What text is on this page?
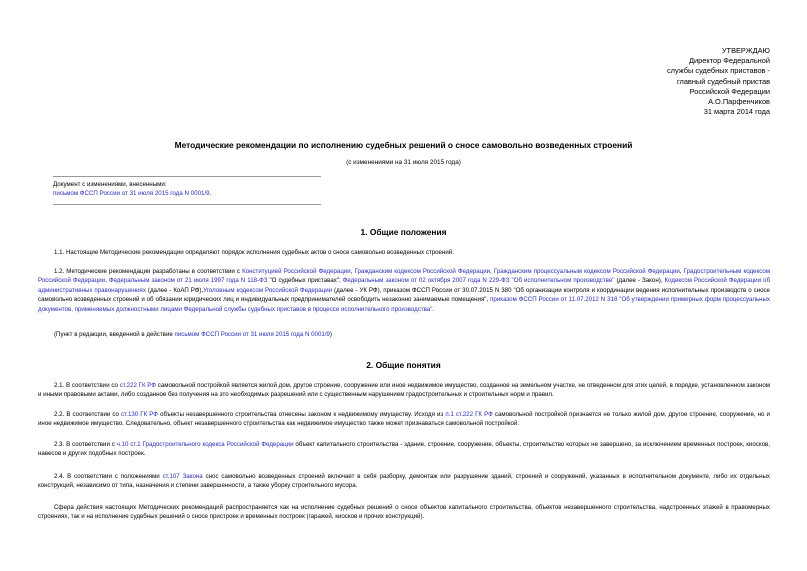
УТВЕРЖДАЮ
Директор Федеральной
службы судебных приставов -
главный судебный пристав
Российской Федерации
А.О.Парфенчиков
31 марта 2014 года
Методические рекомендации по исполнению судебных решений о сносе самовольно возведенных строений
(с изменениями на 31 июля 2015 года)
Документ с изменениями, внесенными:
письмом ФССП России от 31 июля 2015 года N 0001/9.
1. Общие положения
1.1. Настоящие Методические рекомендации определяют порядок исполнения судебных актов о сносе самовольно возведенных строений.
1.2. Методические рекомендации разработаны в соответствии с Конституцией Российской Федерации, Гражданским кодексом Российской Федерации, Гражданским процессуальным кодексом Российской Федерации, Градостроительным кодексом Российской Федерации, Федеральным законом от 21 июля 1997 года N 118-ФЗ "О судебных приставах"; Федеральным законом от 02 октября 2007 года N 229-ФЗ "Об исполнительном производстве" (далее - Закон), Кодексом Российской Федерации об административных правонарушениях (далее - КоАП РФ),Уголовным кодексом Российской Федерации (далее - УК РФ), приказом ФССП России от 30.07.2015 N 380 "Об организации контроля и координации ведения исполнительных производств о сносе самовольно возведенных строений и об обязании юридических лиц и индивидуальных предпринимателей освободить незаконно занимаемые помещения", приказом ФССП России от 11.07.2012 N 318 "Об утверждении примерных форм процессуальных документов, применяемых должностными лицами Федеральной службы судебных приставов в процессе исполнительного производства".
(Пункт в редакции, введенной в действие письмом ФССП России от 31 июля 2015 года N 0001/9)
2. Общие понятия
2.1. В соответствии со ст.222 ГК РФ самовольной постройкой является жилой дом, другое строение, сооружение или иное недвижимое имущество, созданное на земельном участке, не отведенном для этих целей, в порядке, установленном законом и иными правовыми актами, либо созданное без получения на это необходимых разрешений или с существенным нарушением градостроительных и строительных норм и правил.
2.2. В соответствии со ст.130 ГК РФ объекты незавершенного строительства отнесены законом к недвижимому имуществу. Исходя из п.1 ст.222 ГК РФ самовольной постройкой признается не только жилой дом, другое строение, сооружение, но и иное недвижимое имущество. Следовательно, объект незавершенного строительства как недвижимое имущество также может признаваться самовольной постройкой.
2.3. В соответствии с ч.10 ст.1 Градостроительного кодекса Российской Федерации объект капитального строительства - здание, строение, сооружение, объекты, строительство которых не завершено, за исключением временных построек, киосков, навесов и других подобных построек.
2.4. В соответствии с положениями ст.107 Закона снос самовольно возведенных строений включает в себя разборку, демонтаж или разрушение зданий, строений и сооружений, указанных в исполнительном документе, либо их отдельных конструкций, независимо от типа, назначения и степени завершенности, а также уборку строительного мусора.
Сфера действия настоящих Методических рекомендаций распространяется как на исполнение судебных решений о сносе объектов капитального строительства, объектов незавершенного строительства, надстроенных этажей в правомерных строениях, так и на исполнение судебных решений о сносе пристроек и временных построек (гаражей, киосков и прочих конструкций).
